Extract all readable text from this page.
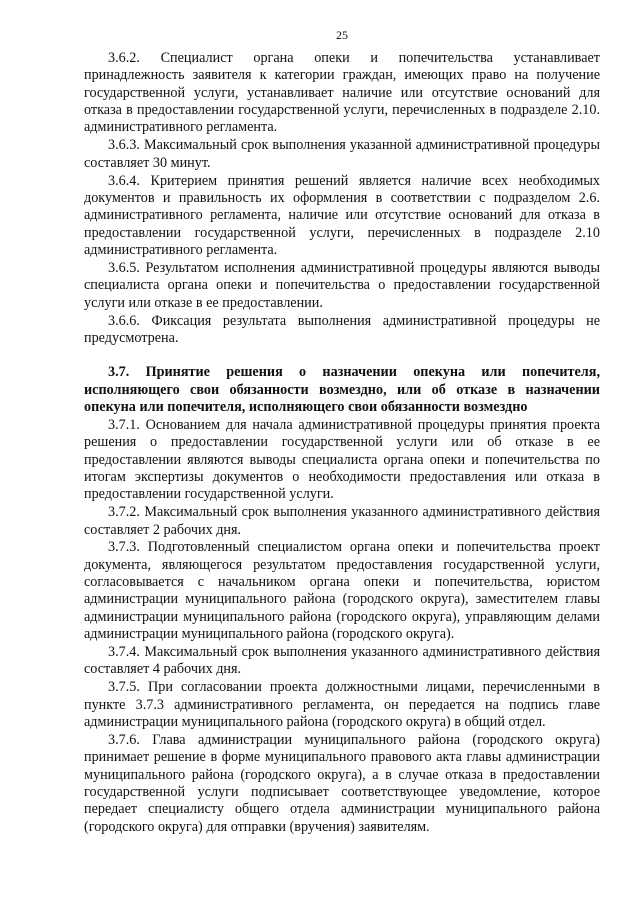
25

3.6.2. Специалист органа опеки и попечительства устанавливает принадлежность заявителя к категории граждан, имеющих право на получение государственной услуги, устанавливает наличие или отсутствие оснований для отказа в предоставлении государственной услуги, перечисленных в подразделе 2.10. административного регламента.

3.6.3. Максимальный срок выполнения указанной административной процедуры составляет 30 минут.

3.6.4. Критерием принятия решений является наличие всех необходимых документов и правильность их оформления в соответствии с подразделом 2.6. административного регламента, наличие или отсутствие оснований для отказа в предоставлении государственной услуги, перечисленных в подразделе 2.10 административного регламента.

3.6.5. Результатом исполнения административной процедуры являются выводы специалиста органа опеки и попечительства о предоставлении государственной услуги или отказе в ее предоставлении.

3.6.6. Фиксация результата выполнения административной процедуры не предусмотрена.

3.7. Принятие решения о назначении опекуна или попечителя, исполняющего свои обязанности возмездно, или об отказе в назначении опекуна или попечителя, исполняющего свои обязанности возмездно

3.7.1. Основанием для начала административной процедуры принятия проекта решения о предоставлении государственной услуги или об отказе в ее предоставлении являются выводы специалиста органа опеки и попечительства по итогам экспертизы документов о необходимости предоставления или отказа в предоставлении государственной услуги.

3.7.2. Максимальный срок выполнения указанного административного действия составляет 2 рабочих дня.

3.7.3. Подготовленный специалистом органа опеки и попечительства проект документа, являющегося результатом предоставления государственной услуги, согласовывается с начальником органа опеки и попечительства, юристом администрации муниципального района (городского округа), заместителем главы администрации муниципального района (городского округа), управляющим делами администрации муниципального района (городского округа).

3.7.4. Максимальный срок выполнения указанного административного действия составляет 4 рабочих дня.

3.7.5. При согласовании проекта должностными лицами, перечисленными в пункте 3.7.3 административного регламента, он передается на подпись главе администрации муниципального района (городского округа) в общий отдел.

3.7.6. Глава администрации муниципального района (городского округа) принимает решение в форме муниципального правового акта главы администрации муниципального района (городского округа), а в случае отказа в предоставлении государственной услуги подписывает соответствующее уведомление, которое передает специалисту общего отдела администрации муниципального района (городского округа) для отправки (вручения) заявителям.
